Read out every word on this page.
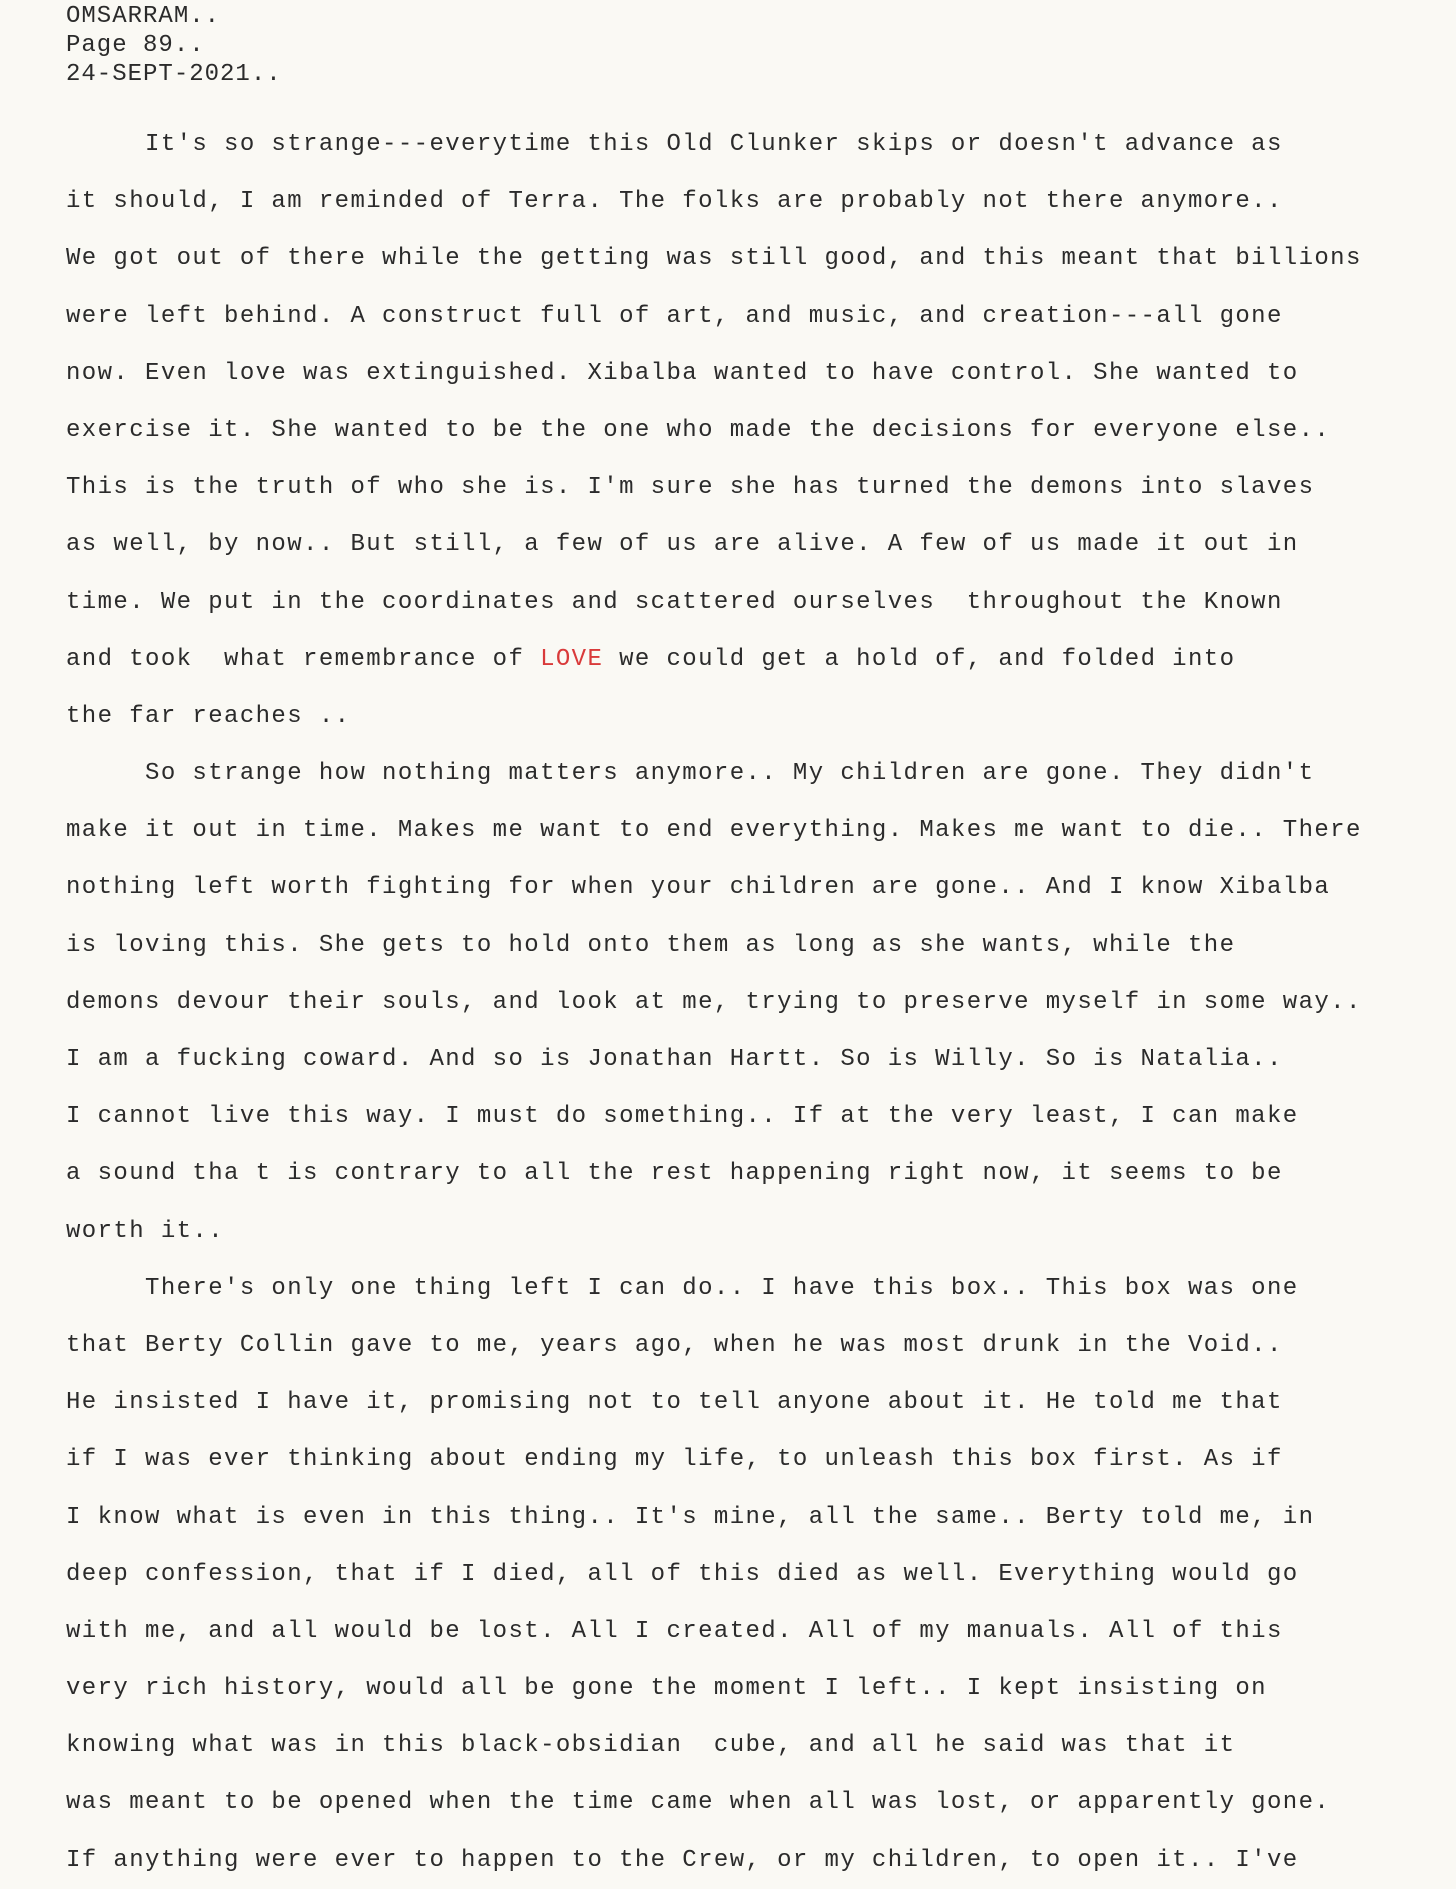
OMSARRAM..
Page 89..
24-SEPT-2021..
It's so strange---everytime this Old Clunker skips or doesn't advance as
it should, I am reminded of Terra. The folks are probably not there anymore..
We got out of there while the getting was still good, and this meant that billions
were left behind. A construct full of art, and music, and creation---all gone
now. Even love was extinguished. Xibalba wanted to have control. She wanted to
exercise it. She wanted to be the one who made the decisions for everyone else..
This is the truth of who she is. I'm sure she has turned the demons into slaves
as well, by now.. But still, a few of us are alive. A few of us made it out in
time. We put in the coordinates and scattered ourselves  throughout the Known
and took  what remembrance of LOVE we could get a hold of, and folded into
the far reaches ..
So strange how nothing matters anymore.. My children are gone. They didn't
make it out in time. Makes me want to end everything. Makes me want to die.. There
nothing left worth fighting for when your children are gone.. And I know Xibalba
is loving this. She gets to hold onto them as long as she wants, while the
demons devour their souls, and look at me, trying to preserve myself in some way..
I am a fucking coward. And so is Jonathan Hartt. So is Willy. So is Natalia..
I cannot live this way. I must do something.. If at the very least, I can make
a sound tha t is contrary to all the rest happening right now, it seems to be
worth it..
There's only one thing left I can do.. I have this box.. This box was one
that Berty Collin gave to me, years ago, when he was most drunk in the Void..
He insisted I have it, promising not to tell anyone about it. He told me that
if I was ever thinking about ending my life, to unleash this box first. As if
I know what is even in this thing.. It's mine, all the same.. Berty told me, in
deep confession, that if I died, all of this died as well. Everything would go
with me, and all would be lost. All I created. All of my manuals. All of this
very rich history, would all be gone the moment I left.. I kept insisting on
knowing what was in this black-obsidian  cube, and all he said was that it
was meant to be opened when the time came when all was lost, or apparently gone.
If anything were ever to happen to the Crew, or my children, to open it.. I've
